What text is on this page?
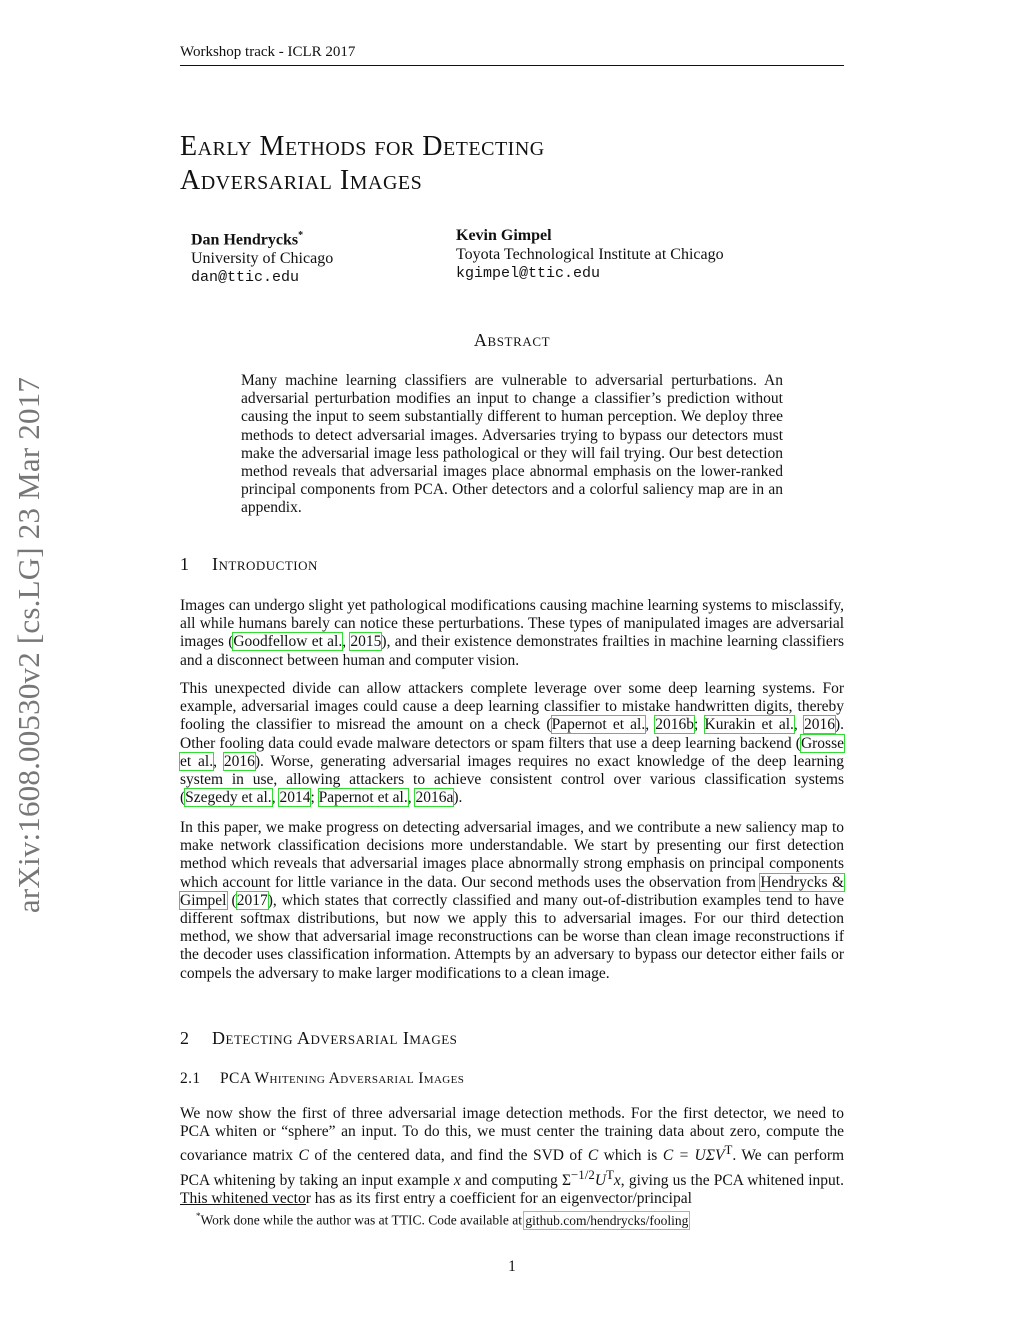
Workshop track - ICLR 2017
arXiv:1608.00530v2 [cs.LG] 23 Mar 2017
Early Methods for Detecting
Adversarial Images
Dan Hendrycks*
University of Chicago
dan@ttic.edu
Kevin Gimpel
Toyota Technological Institute at Chicago
kgimpel@ttic.edu
Abstract

Many machine learning classifiers are vulnerable to adversarial perturbations. An adversarial perturbation modifies an input to change a classifier’s prediction without causing the input to seem substantially different to human perception. We deploy three methods to detect adversarial images. Adversaries trying to bypass our detectors must make the adversarial image less pathological or they will fail trying. Our best detection method reveals that adversarial images place abnormal emphasis on the lower-ranked principal components from PCA. Other detectors and a colorful saliency map are in an appendix.

1 Introduction

Images can undergo slight yet pathological modifications causing machine learning systems to misclassify, all while humans barely can notice these perturbations. These types of manipulated images are adversarial images (Goodfellow et al., 2015), and their existence demonstrates frailties in machine learning classifiers and a disconnect between human and computer vision.

This unexpected divide can allow attackers complete leverage over some deep learning systems. For example, adversarial images could cause a deep learning classifier to mistake handwritten digits, thereby fooling the classifier to misread the amount on a check (Papernot et al., 2016b; Kurakin et al., 2016). Other fooling data could evade malware detectors or spam filters that use a deep learning backend (Grosse et al., 2016). Worse, generating adversarial images requires no exact knowledge of the deep learning system in use, allowing attackers to achieve consistent control over various classification systems (Szegedy et al., 2014; Papernot et al., 2016a).

In this paper, we make progress on detecting adversarial images, and we contribute a new saliency map to make network classification decisions more understandable. We start by presenting our first detection method which reveals that adversarial images place abnormally strong emphasis on principal components which account for little variance in the data. Our second methods uses the observation from Hendrycks & Gimpel (2017), which states that correctly classified and many out-of-distribution examples tend to have different softmax distributions, but now we apply this to adversarial images. For our third detection method, we show that adversarial image reconstructions can be worse than clean image reconstructions if the decoder uses classification information. Attempts by an adversary to bypass our detector either fails or compels the adversary to make larger modifications to a clean image.

2 Detecting Adversarial Images
2.1 PCA Whitening Adversarial Images

We now show the first of three adversarial image detection methods. For the first detector, we need to PCA whiten or “sphere” an input. To do this, we must center the training data about zero, compute the covariance matrix C of the centered data, and find the SVD of C which is $C = U\Sigma V^T$. We can perform PCA whitening by taking an input example x and computing $\Sigma^{-1/2}U^Tx$, giving us the PCA whitened input. This whitened vector has as its first entry a coefficient for an eigenvector/principal

*Work done while the author was at TTIC. Code available at github.com/hendrycks/fooling
1
